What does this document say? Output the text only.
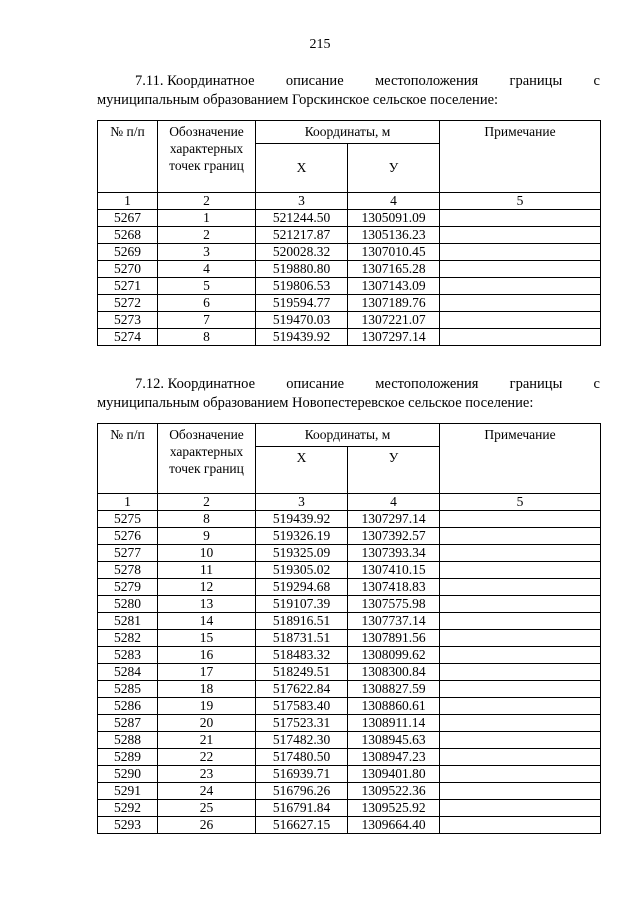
215
7.11. Координатное описание местоположения границы с
муниципальным образованием Горскинское сельское поселение:
№ п/п	Обозначение характерных точек границ	Координаты, м		Примечание
		X	У	
1	2	3	4	5
5267	1	521244.50	1305091.09	
5268	2	521217.87	1305136.23	
5269	3	520028.32	1307010.45	
5270	4	519880.80	1307165.28	
5271	5	519806.53	1307143.09	
5272	6	519594.77	1307189.76	
5273	7	519470.03	1307221.07	
5274	8	519439.92	1307297.14	
7.12. Координатное описание местоположения границы с
муниципальным образованием Новопестеревское сельское поселение:
№ п/п	Обозначение характерных точек границ	Координаты, м		Примечание
		X	У	
1	2	3	4	5
5275	8	519439.92	1307297.14	
5276	9	519326.19	1307392.57	
5277	10	519325.09	1307393.34	
5278	11	519305.02	1307410.15	
5279	12	519294.68	1307418.83	
5280	13	519107.39	1307575.98	
5281	14	518916.51	1307737.14	
5282	15	518731.51	1307891.56	
5283	16	518483.32	1308099.62	
5284	17	518249.51	1308300.84	
5285	18	517622.84	1308827.59	
5286	19	517583.40	1308860.61	
5287	20	517523.31	1308911.14	
5288	21	517482.30	1308945.63	
5289	22	517480.50	1308947.23	
5290	23	516939.71	1309401.80	
5291	24	516796.26	1309522.36	
5292	25	516791.84	1309525.92	
5293	26	516627.15	1309664.40	
